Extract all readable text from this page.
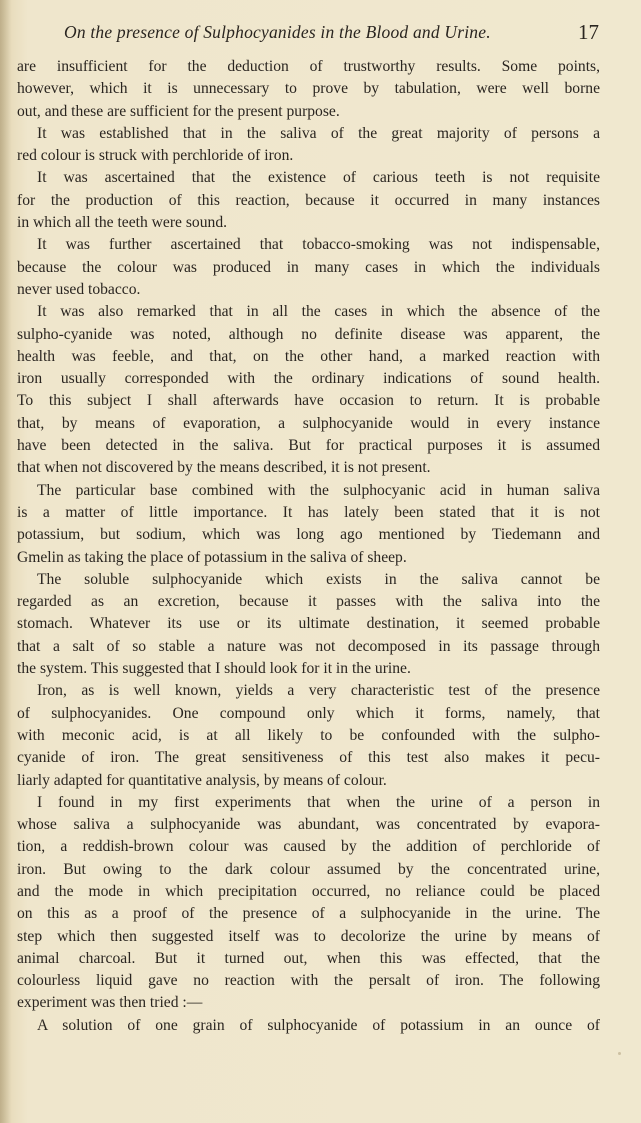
On the presence of Sulphocyanides in the Blood and Urine.	17
are insufficient for the deduction of trustworthy results. Some points,
however, which it is unnecessary to prove by tabulation, were well borne
out, and these are sufficient for the present purpose.
It was established that in the saliva of the great majority of persons a
red colour is struck with perchloride of iron.
It was ascertained that the existence of carious teeth is not requisite
for the production of this reaction, because it occurred in many instances
in which all the teeth were sound.
It was further ascertained that tobacco-smoking was not indispensable,
because the colour was produced in many cases in which the individuals
never used tobacco.
It was also remarked that in all the cases in which the absence of the
sulpho-cyanide was noted, although no definite disease was apparent, the
health was feeble, and that, on the other hand, a marked reaction with
iron usually corresponded with the ordinary indications of sound health.
To this subject I shall afterwards have occasion to return. It is probable
that, by means of evaporation, a sulphocyanide would in every instance
have been detected in the saliva. But for practical purposes it is assumed
that when not discovered by the means described, it is not present.
The particular base combined with the sulphocyanic acid in human saliva
is a matter of little importance. It has lately been stated that it is not
potassium, but sodium, which was long ago mentioned by Tiedemann and
Gmelin as taking the place of potassium in the saliva of sheep.
The soluble sulphocyanide which exists in the saliva cannot be
regarded as an excretion, because it passes with the saliva into the
stomach. Whatever its use or its ultimate destination, it seemed probable
that a salt of so stable a nature was not decomposed in its passage through
the system. This suggested that I should look for it in the urine.
Iron, as is well known, yields a very characteristic test of the presence
of sulphocyanides. One compound only which it forms, namely, that
with meconic acid, is at all likely to be confounded with the sulpho-
cyanide of iron. The great sensitiveness of this test also makes it pecu-
liarly adapted for quantitative analysis, by means of colour.
I found in my first experiments that when the urine of a person in
whose saliva a sulphocyanide was abundant, was concentrated by evapora-
tion, a reddish-brown colour was caused by the addition of perchloride of
iron. But owing to the dark colour assumed by the concentrated urine,
and the mode in which precipitation occurred, no reliance could be placed
on this as a proof of the presence of a sulphocyanide in the urine. The
step which then suggested itself was to decolorize the urine by means of
animal charcoal. But it turned out, when this was effected, that the
colourless liquid gave no reaction with the persalt of iron. The following
experiment was then tried :—
A solution of one grain of sulphocyanide of potassium in an ounce of
